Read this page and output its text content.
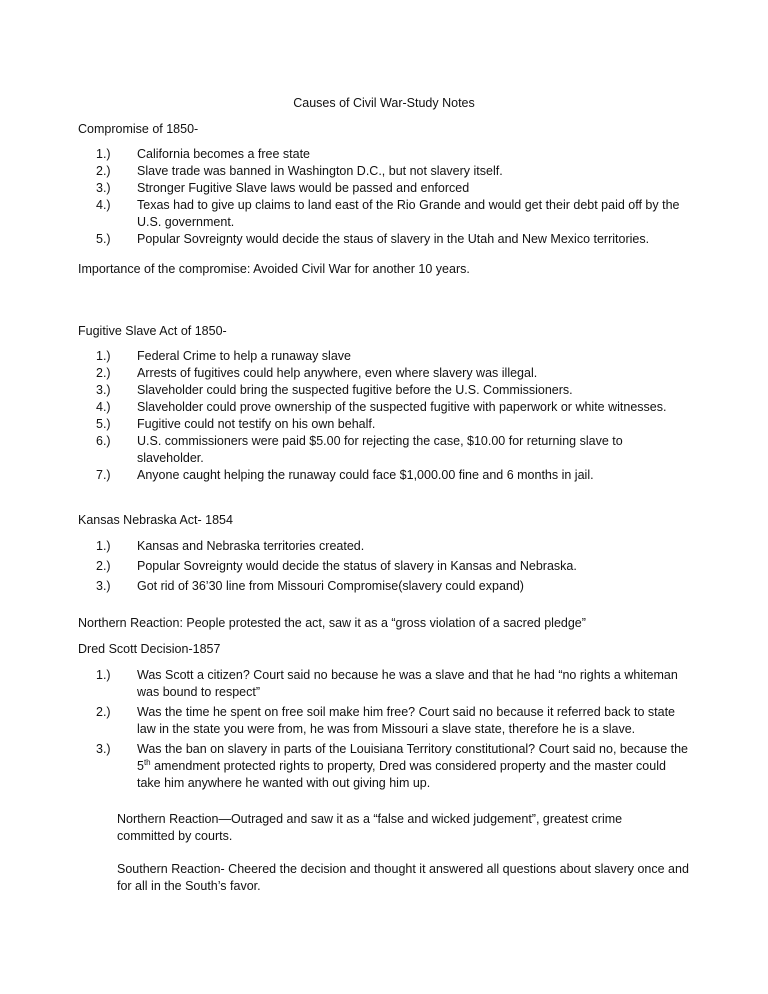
Causes of Civil War-Study Notes
Compromise of 1850-
1.) California becomes a free state
2.) Slave trade was banned in Washington D.C., but not slavery itself.
3.) Stronger Fugitive Slave laws would be passed and enforced
4.) Texas had to give up claims to land east of the Rio Grande and would get their debt paid off by the U.S. government.
5.) Popular Sovreignty would decide the staus of slavery in the Utah and New Mexico territories.
Importance of the compromise: Avoided Civil War for another 10 years.
Fugitive Slave Act of 1850-
1.) Federal Crime to help a runaway slave
2.) Arrests of fugitives could help anywhere, even where slavery was illegal.
3.) Slaveholder could bring the suspected fugitive before the U.S. Commissioners.
4.) Slaveholder could prove ownership of the suspected fugitive with paperwork or white witnesses.
5.) Fugitive could not testify on his own behalf.
6.) U.S. commissioners were paid $5.00 for rejecting the case, $10.00 for returning slave to slaveholder.
7.) Anyone caught helping the runaway could face $1,000.00 fine and 6 months in jail.
Kansas Nebraska Act- 1854
1.) Kansas and Nebraska territories created.
2.) Popular Sovreignty would decide the status of slavery in Kansas and Nebraska.
3.) Got rid of 36’30 line from Missouri Compromise(slavery could expand)
Northern Reaction: People protested the act, saw it as a “gross violation of a sacred pledge”
Dred Scott Decision-1857
1.) Was Scott a citizen? Court said no because he was a slave and that he had “no rights a whiteman was bound to respect”
2.) Was the time he spent on free soil make him free? Court said no because it referred back to state law in the state you were from, he was from Missouri a slave state, therefore he is a slave.
3.) Was the ban on slavery in parts of the Louisiana Territory constitutional? Court said no, because the 5th amendment protected rights to property, Dred was considered property and the master could take him anywhere he wanted with out giving him up.
Northern Reaction—Outraged and saw it as a “false and wicked judgement”, greatest crime committed by courts.
Southern Reaction- Cheered the decision and thought it answered all questions about slavery once and for all in the South’s favor.
